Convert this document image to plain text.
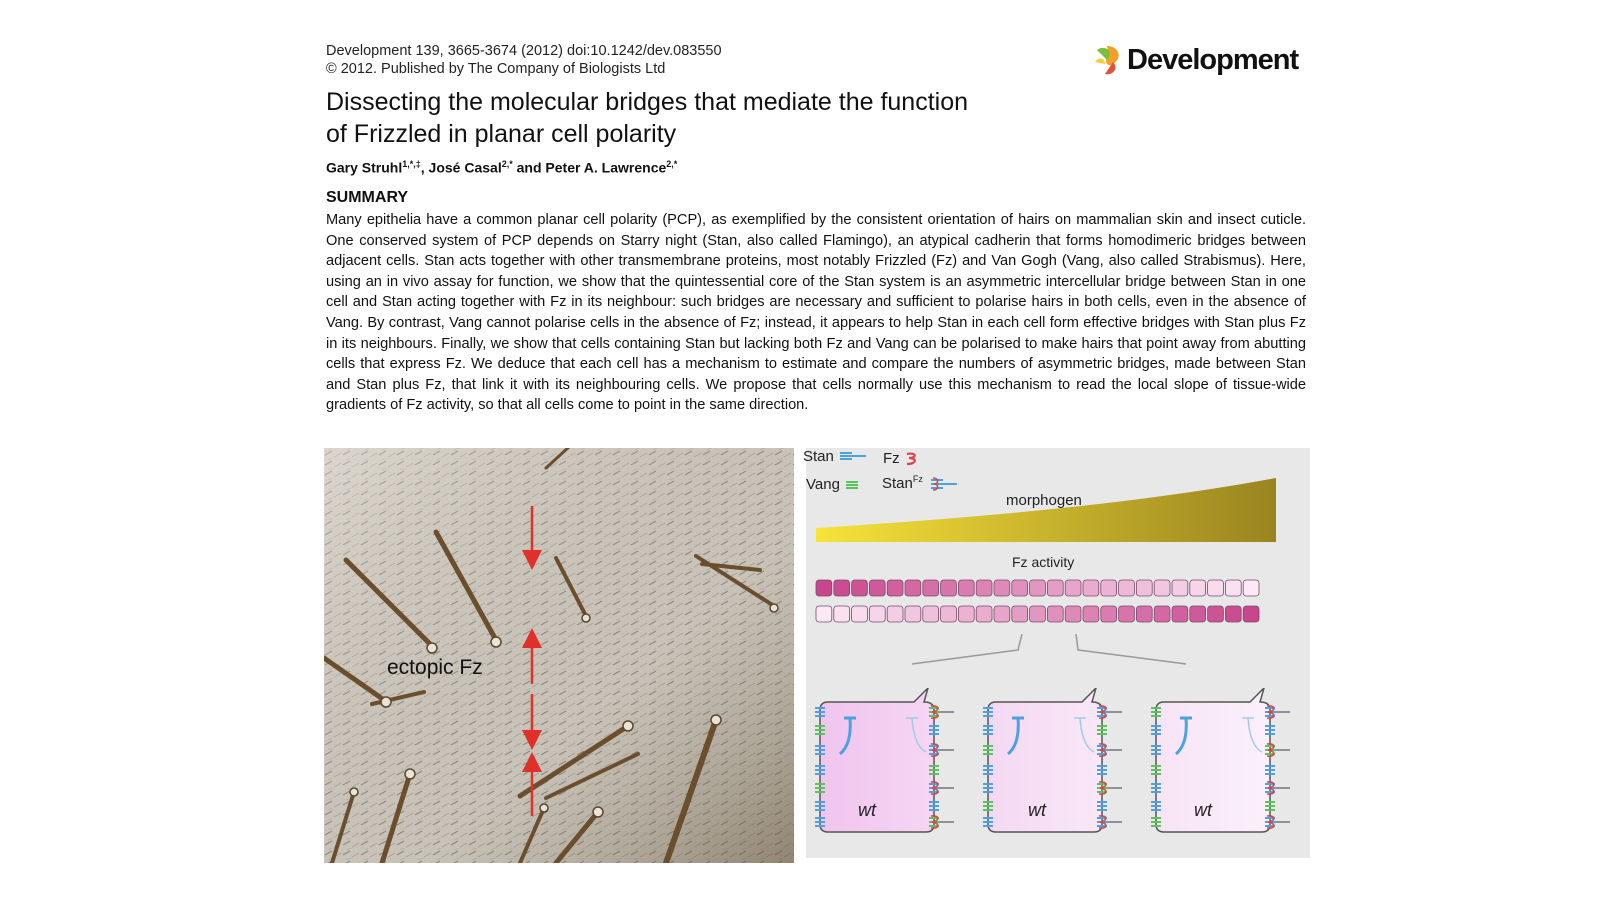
Development 139, 3665-3674 (2012) doi:10.1242/dev.083550
© 2012. Published by The Company of Biologists Ltd	Development
Dissecting the molecular bridges that mediate the function
of Frizzled in planar cell polarity
Gary Struhl$^{1,*,\ddagger}$, José Casal$^{2,*}$ and Peter A. Lawrence$^{2,*}$
SUMMARY

Many epithelia have a common planar cell polarity (PCP), as exemplified by the consistent orientation of hairs on mammalian skin and insect cuticle. One conserved system of PCP depends on Starry night (Stan, also called Flamingo), an atypical cadherin that forms homodimeric bridges between adjacent cells. Stan acts together with other transmembrane proteins, most notably Frizzled (Fz) and Van Gogh (Vang, also called Strabismus). Here, using an in vivo assay for function, we show that the quintessential core of the Stan system is an asymmetric intercellular bridge between Stan in one cell and Stan acting together with Fz in its neighbour: such bridges are necessary and sufficient to polarise hairs in both cells, even in the absence of Vang. By contrast, Vang cannot polarise cells in the absence of Fz; instead, it appears to help Stan in each cell form effective bridges with Stan plus Fz in its neighbours. Finally, we show that cells containing Stan but lacking both Fz and Vang can be polarised to make hairs that point away from abutting cells that express Fz. We deduce that each cell has a mechanism to estimate and compare the numbers of asymmetric bridges, made between Stan and Stan plus Fz, that link it with its neighbouring cells. We propose that cells normally use this mechanism to read the local slope of tissue-wide gradients of Fz activity, so that all cells come to point in the same direction.

ectopic Fz
Stan
Vang
Fz
Stan$^{Fz}$
morphogen
Fz activity
wt	wt	wt
